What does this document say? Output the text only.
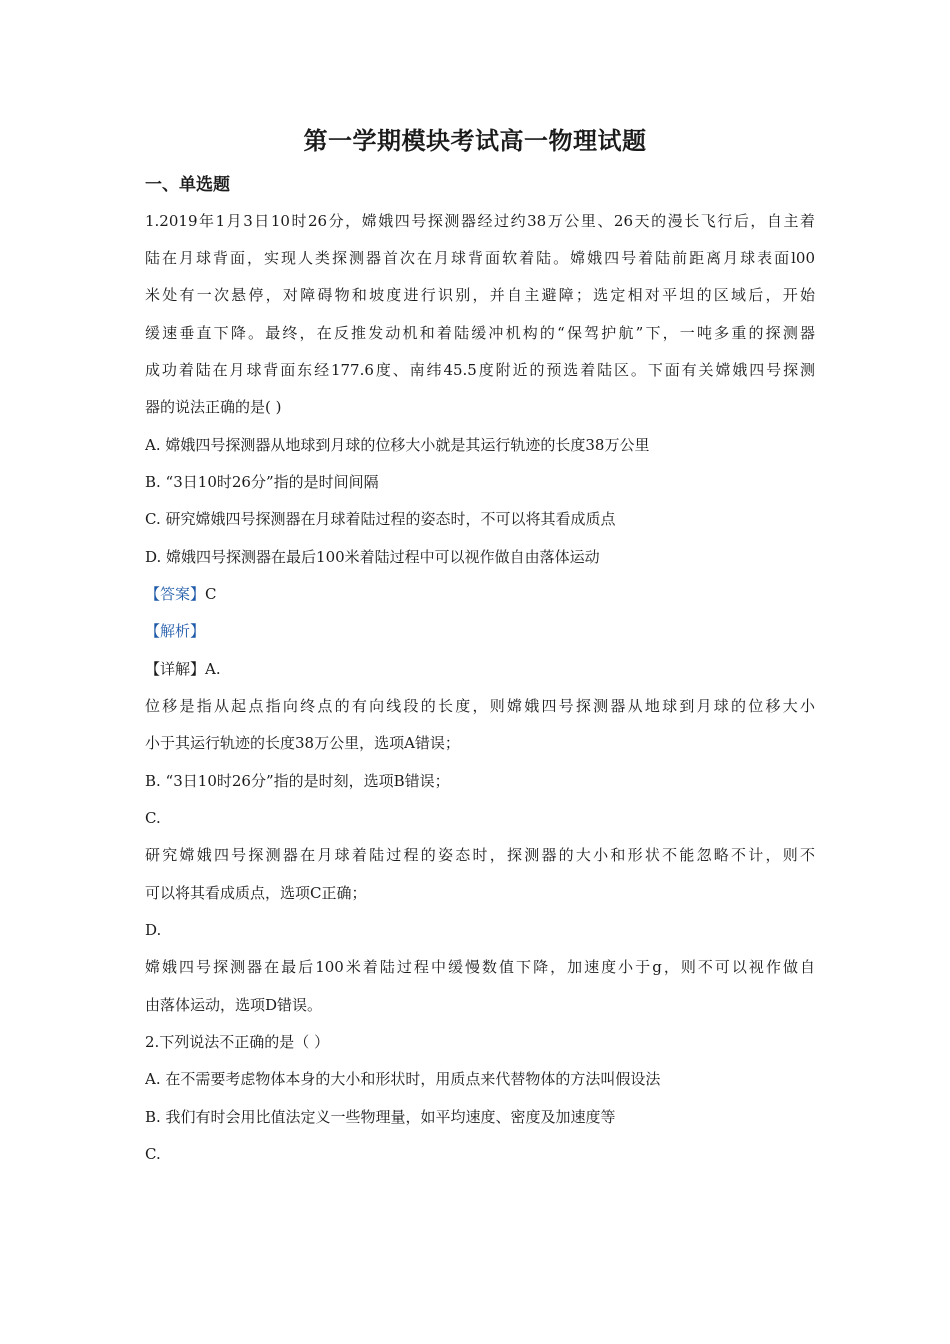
第一学期模块考试高一物理试题
一、单选题
1.2019年1月3日10时26分，嫦娥四号探测器经过约38万公里、26天的漫长飞行后，自主着
陆在月球背面，实现人类探测器首次在月球背面软着陆。嫦娥四号着陆前距离月球表面l00
米处有一次悬停，对障碍物和坡度进行识别，并自主避障；选定相对平坦的区域后，开始
缓速垂直下降。最终，在反推发动机和着陆缓冲机构的“保驾护航”下，一吨多重的探测器
成功着陆在月球背面东经177.6度、南纬45.5度附近的预选着陆区。下面有关嫦娥四号探测
器的说法正确的是( )
A. 嫦娥四号探测器从地球到月球的位移大小就是其运行轨迹的长度38万公里
B. “3日10时26分”指的是时间间隔
C. 研究嫦娥四号探测器在月球着陆过程的姿态时，不可以将其看成质点
D. 嫦娥四号探测器在最后100米着陆过程中可以视作做自由落体运动
【答案】C
【解析】
【详解】A.
位移是指从起点指向终点的有向线段的长度，则嫦娥四号探测器从地球到月球的位移大小
小于其运行轨迹的长度38万公里，选项A错误；
B. “3日10时26分”指的是时刻，选项B错误；
C.
研究嫦娥四号探测器在月球着陆过程的姿态时，探测器的大小和形状不能忽略不计，则不
可以将其看成质点，选项C正确；
D.
嫦娥四号探测器在最后100米着陆过程中缓慢数值下降，加速度小于g，则不可以视作做自
由落体运动，选项D错误。
2.下列说法不正确的是（ ）
A. 在不需要考虑物体本身的大小和形状时，用质点来代替物体的方法叫假设法
B. 我们有时会用比值法定义一些物理量，如平均速度、密度及加速度等
C.
